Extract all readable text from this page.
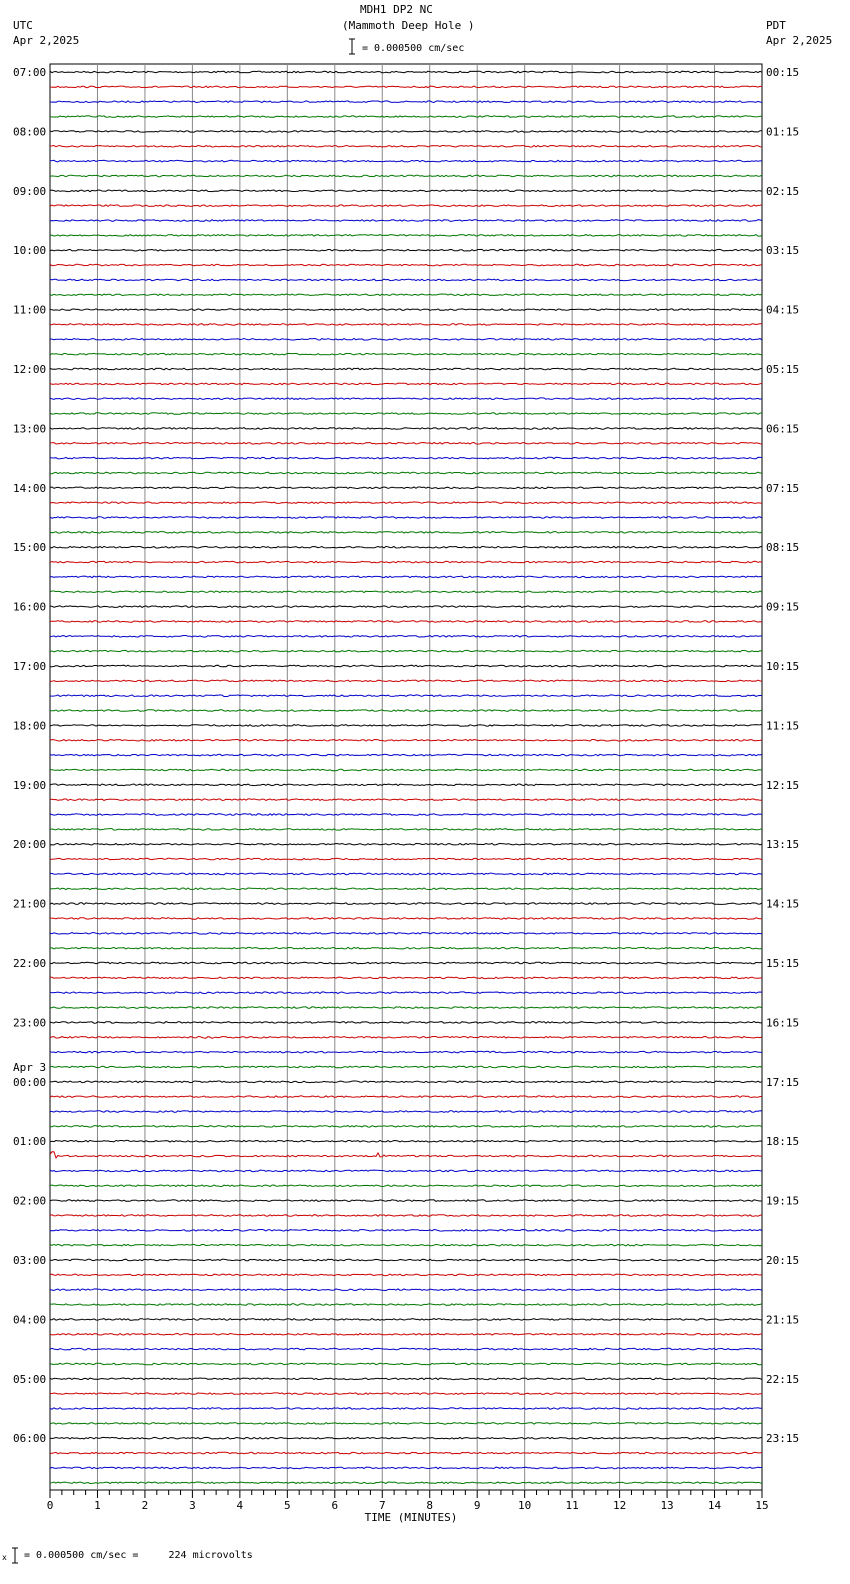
MDH1 DP2 NC
(Mammoth Deep Hole )
= 0.000500 cm/sec
UTC
Apr 2,2025
PDT
Apr 2,2025
07:00	00:15
08:00	01:15
09:00	02:15
10:00	03:15
11:00	04:15
12:00	05:15
13:00	06:15
14:00	07:15
15:00	08:15
16:00	09:15
17:00	10:15
18:00	11:15
19:00	12:15
20:00	13:15
21:00	14:15
22:00	15:15
23:00	16:15
00:00	17:15
Apr 3
01:00	18:15
02:00	19:15
03:00	20:15
04:00	21:15
05:00	22:15
06:00	23:15
0	1	2	3	4	5	6	7	8	9	10	11	12	13	14	15
TIME (MINUTES)
x = 0.000500 cm/sec =     224 microvolts
